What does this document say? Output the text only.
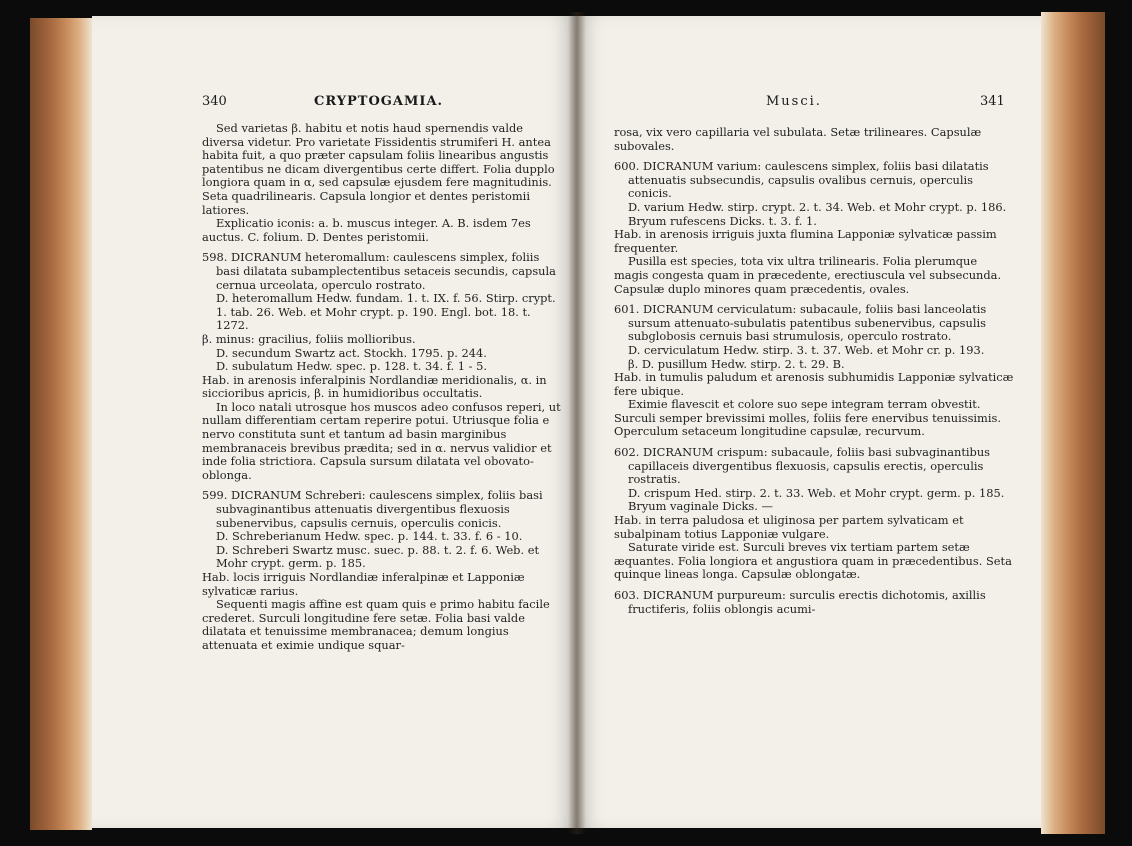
340	CRYPTOGAMIA.

Sed varietas β. habitu et notis haud spernendis valde diversa videtur. Pro varietate Fissidentis strumiferi H. antea habita fuit, a quo præter capsulam foliis linearibus angustis patentibus ne dicam divergentibus certe differt. Folia dupplo longiora quam in α, sed capsulæ ejusdem fere magnitudinis. Seta quadrilinearis. Capsula longior et dentes peristomii latiores.

Explicatio iconis: a. b. muscus integer. A. B. isdem 7es auctus. C. folium. D. Dentes peristomii.

598. DICRANUM heteromallum: caulescens simplex, foliis basi dilatata subamplectentibus setaceis secundis, capsula cernua urceolata, operculo rostrato.

D. heteromallum Hedw. fundam. 1. t. IX. f. 56. Stirp. crypt. 1. tab. 26. Web. et Mohr crypt. p. 190. Engl. bot. 18. t. 1272.

β. minus: gracilius, foliis mollioribus.

D. secundum Swartz act. Stockh. 1795. p. 244.

D. subulatum Hedw. spec. p. 128. t. 34. f. 1 - 5.

Hab. in arenosis inferalpinis Nordlandiæ meridionalis, α. in siccioribus apricis, β. in humidioribus occultatis.

In loco natali utrosque hos muscos adeo confusos reperi, ut nullam differentiam certam reperire potui. Utriusque folia e nervo constituta sunt et tantum ad basin marginibus membranaceis brevibus prædita; sed in α. nervus validior et inde folia strictiora. Capsula sursum dilatata vel obovato-oblonga.

599. DICRANUM Schreberi: caulescens simplex, foliis basi subvaginantibus attenuatis divergentibus flexuosis subenervibus, capsulis cernuis, operculis conicis.

D. Schreberianum Hedw. spec. p. 144. t. 33. f. 6 - 10.

D. Schreberi Swartz musc. suec. p. 88. t. 2. f. 6. Web. et Mohr crypt. germ. p. 185.

Hab. locis irriguis Nordlandiæ inferalpinæ et Lapponiæ sylvaticæ rarius.

Sequenti magis affine est quam quis e primo habitu facile crederet. Surculi longitudine fere setæ. Folia basi valde dilatata et tenuissime membranacea; demum longius attenuata et eximie undique squar-

Musci.	341

rosa, vix vero capillaria vel subulata. Setæ trilineares. Capsulæ subovales.

600. DICRANUM varium: caulescens simplex, foliis basi dilatatis attenuatis subsecundis, capsulis ovalibus cernuis, operculis conicis.

D. varium Hedw. stirp. crypt. 2. t. 34. Web. et Mohr crypt. p. 186.

Bryum rufescens Dicks. t. 3. f. 1.

Hab. in arenosis irriguis juxta flumina Lapponiæ sylvaticæ passim frequenter.

Pusilla est species, tota vix ultra trilinearis. Folia plerumque magis congesta quam in præcedente, erectiuscula vel subsecunda. Capsulæ duplo minores quam præcedentis, ovales.

601. DICRANUM cerviculatum: subacaule, foliis basi lanceolatis sursum attenuato-subulatis patentibus subenervibus, capsulis subglobosis cernuis basi strumulosis, operculo rostrato.

D. cerviculatum Hedw. stirp. 3. t. 37. Web. et Mohr cr. p. 193.

β. D. pusillum Hedw. stirp. 2. t. 29. B.

Hab. in tumulis paludum et arenosis subhumidis Lapponiæ sylvaticæ fere ubique.

Eximie flavescit et colore suo sepe integram terram obvestit. Surculi semper brevissimi molles, foliis fere enervibus tenuissimis. Operculum setaceum longitudine capsulæ, recurvum.

602. DICRANUM crispum: subacaule, foliis basi subvaginantibus capillaceis divergentibus flexuosis, capsulis erectis, operculis rostratis.

D. crispum Hed. stirp. 2. t. 33. Web. et Mohr crypt. germ. p. 185.

Bryum vaginale Dicks. —

Hab. in terra paludosa et uliginosa per partem sylvaticam et subalpinam totius Lapponiæ vulgare.

Saturate viride est. Surculi breves vix tertiam partem setæ æquantes. Folia longiora et angustiora quam in præcedentibus. Seta quinque lineas longa. Capsulæ oblongatæ.

603. DICRANUM purpureum: surculis erectis dichotomis, axillis fructiferis, foliis oblongis acumi-
